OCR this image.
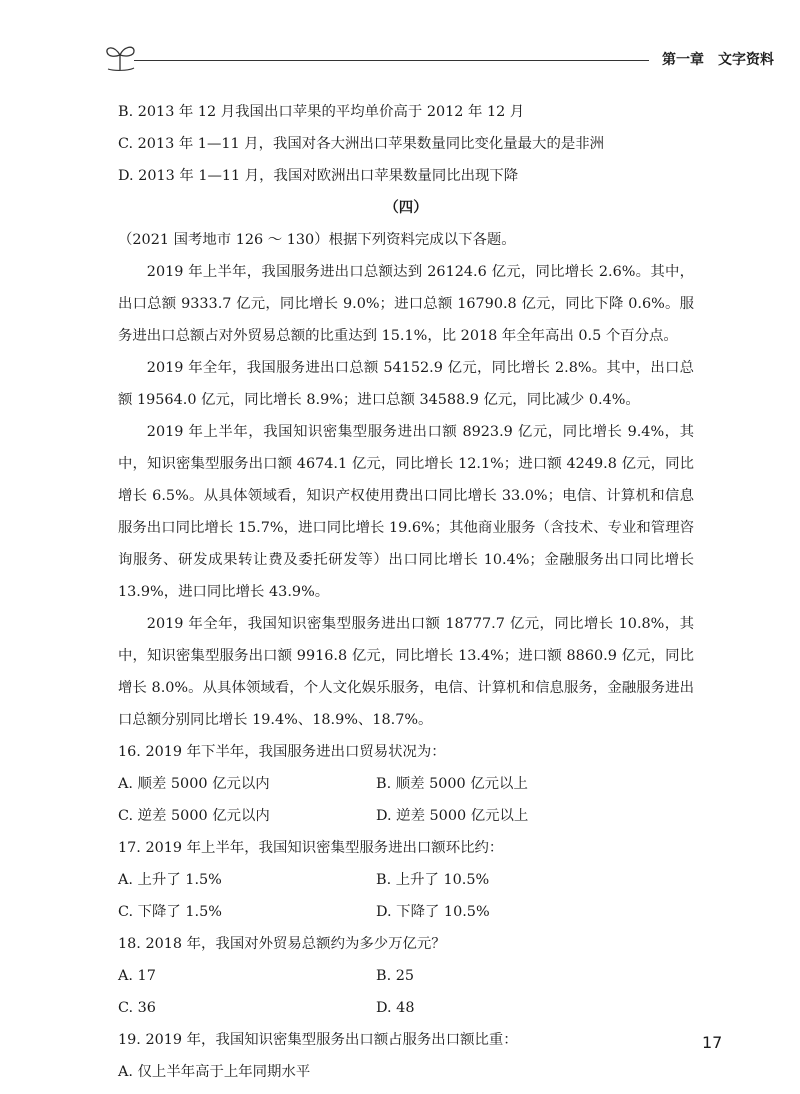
第一章　文字资料

B. 2013 年 12 月我国出口苹果的平均单价高于 2012 年 12 月

C. 2013 年 1—11 月，我国对各大洲出口苹果数量同比变化量最大的是非洲

D. 2013 年 1—11 月，我国对欧洲出口苹果数量同比出现下降

（四）

（2021 国考地市 126 ～ 130）根据下列资料完成以下各题。

2019 年上半年，我国服务进出口总额达到 26124.6 亿元，同比增长 2.6%。其中，出口总额 9333.7 亿元，同比增长 9.0%；进口总额 16790.8 亿元，同比下降 0.6%。服务进出口总额占对外贸易总额的比重达到 15.1%，比 2018 年全年高出 0.5 个百分点。

2019 年全年，我国服务进出口总额 54152.9 亿元，同比增长 2.8%。其中，出口总额 19564.0 亿元，同比增长 8.9%；进口总额 34588.9 亿元，同比减少 0.4%。

2019 年上半年，我国知识密集型服务进出口额 8923.9 亿元，同比增长 9.4%，其中，知识密集型服务出口额 4674.1 亿元，同比增长 12.1%；进口额 4249.8 亿元，同比增长 6.5%。从具体领域看，知识产权使用费出口同比增长 33.0%；电信、计算机和信息服务出口同比增长 15.7%，进口同比增长 19.6%；其他商业服务（含技术、专业和管理咨询服务、研发成果转让费及委托研发等）出口同比增长 10.4%；金融服务出口同比增长 13.9%，进口同比增长 43.9%。

2019 年全年，我国知识密集型服务进出口额 18777.7 亿元，同比增长 10.8%，其中，知识密集型服务出口额 9916.8 亿元，同比增长 13.4%；进口额 8860.9 亿元，同比增长 8.0%。从具体领域看，个人文化娱乐服务，电信、计算机和信息服务，金融服务进出口总额分别同比增长 19.4%、18.9%、18.7%。

16. 2019 年下半年，我国服务进出口贸易状况为：

A. 顺差 5000 亿元以内	B. 顺差 5000 亿元以上
C. 逆差 5000 亿元以内	D. 逆差 5000 亿元以上

17. 2019 年上半年，我国知识密集型服务进出口额环比约：

A. 上升了 1.5%	B. 上升了 10.5%
C. 下降了 1.5%	D. 下降了 10.5%

18. 2018 年，我国对外贸易总额约为多少万亿元？

A. 17	B. 25
C. 36	D. 48

19. 2019 年，我国知识密集型服务出口额占服务出口额比重：

A. 仅上半年高于上年同期水平

17
